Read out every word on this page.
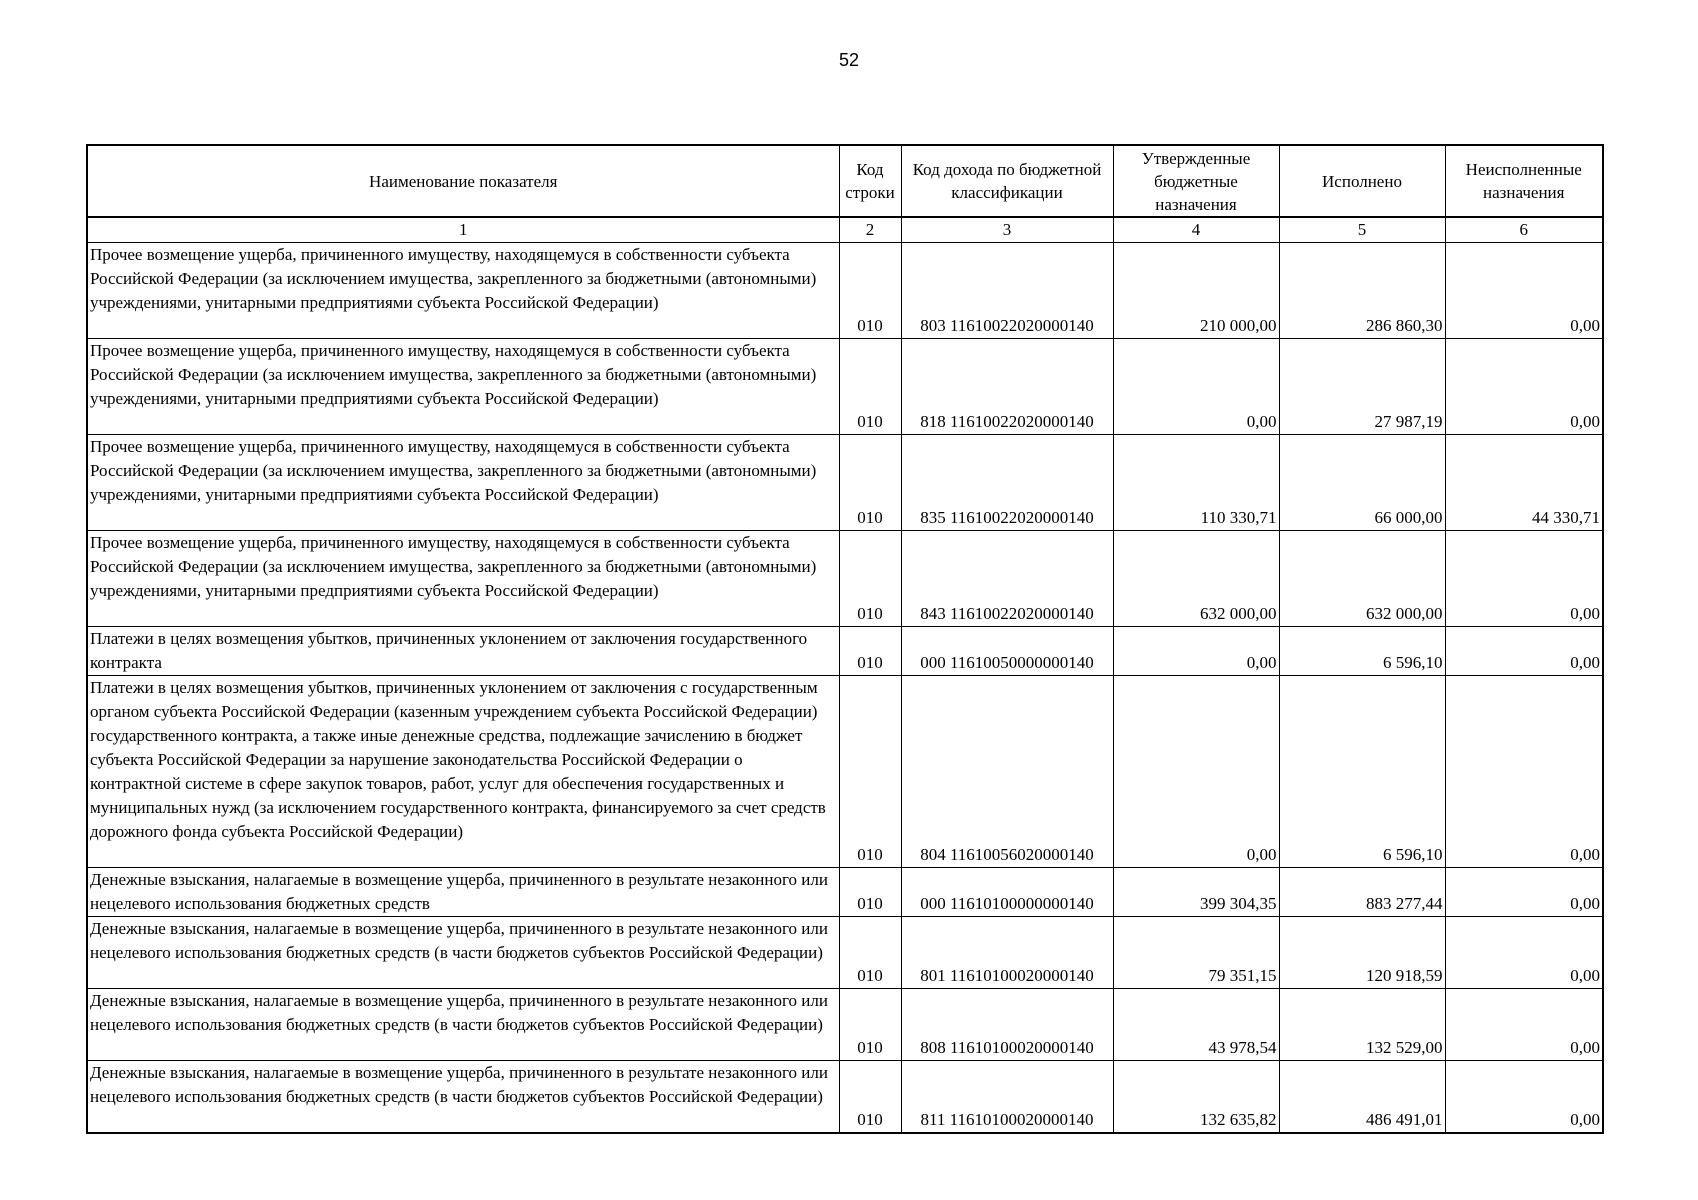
52
Наименование показателя	Код строки	Код дохода по бюджетной классификации	Утвержденные бюджетные назначения	Исполнено	Неисполненные назначения
1	2	3	4	5	6
Прочее возмещение ущерба, причиненного имуществу, находящемуся в собственности субъекта Российской Федерации (за исключением имущества, закрепленного за бюджетными (автономными) учреждениями, унитарными предприятиями субъекта Российской Федерации)	010	803 11610022020000140	210 000,00	286 860,30	0,00
Прочее возмещение ущерба, причиненного имуществу, находящемуся в собственности субъекта Российской Федерации (за исключением имущества, закрепленного за бюджетными (автономными) учреждениями, унитарными предприятиями субъекта Российской Федерации)	010	818 11610022020000140	0,00	27 987,19	0,00
Прочее возмещение ущерба, причиненного имуществу, находящемуся в собственности субъекта Российской Федерации (за исключением имущества, закрепленного за бюджетными (автономными) учреждениями, унитарными предприятиями субъекта Российской Федерации)	010	835 11610022020000140	110 330,71	66 000,00	44 330,71
Прочее возмещение ущерба, причиненного имуществу, находящемуся в собственности субъекта Российской Федерации (за исключением имущества, закрепленного за бюджетными (автономными) учреждениями, унитарными предприятиями субъекта Российской Федерации)	010	843 11610022020000140	632 000,00	632 000,00	0,00
Платежи в целях возмещения убытков, причиненных уклонением от заключения государственного контракта	010	000 11610050000000140	0,00	6 596,10	0,00
Платежи в целях возмещения убытков, причиненных уклонением от заключения с государственным органом субъекта Российской Федерации (казенным учреждением субъекта Российской Федерации) государственного контракта, а также иные денежные средства, подлежащие зачислению в бюджет субъекта Российской Федерации за нарушение законодательства Российской Федерации о контрактной системе в сфере закупок товаров, работ, услуг для обеспечения государственных и муниципальных нужд (за исключением государственного контракта, финансируемого за счет средств дорожного фонда субъекта Российской Федерации)	010	804 11610056020000140	0,00	6 596,10	0,00
Денежные взыскания, налагаемые в возмещение ущерба, причиненного в результате незаконного или нецелевого использования бюджетных средств	010	000 11610100000000140	399 304,35	883 277,44	0,00
Денежные взыскания, налагаемые в возмещение ущерба, причиненного в результате незаконного или нецелевого использования бюджетных средств (в части бюджетов субъектов Российской Федерации)	010	801 11610100020000140	79 351,15	120 918,59	0,00
Денежные взыскания, налагаемые в возмещение ущерба, причиненного в результате незаконного или нецелевого использования бюджетных средств (в части бюджетов субъектов Российской Федерации)	010	808 11610100020000140	43 978,54	132 529,00	0,00
Денежные взыскания, налагаемые в возмещение ущерба, причиненного в результате незаконного или нецелевого использования бюджетных средств (в части бюджетов субъектов Российской Федерации)	010	811 11610100020000140	132 635,82	486 491,01	0,00
